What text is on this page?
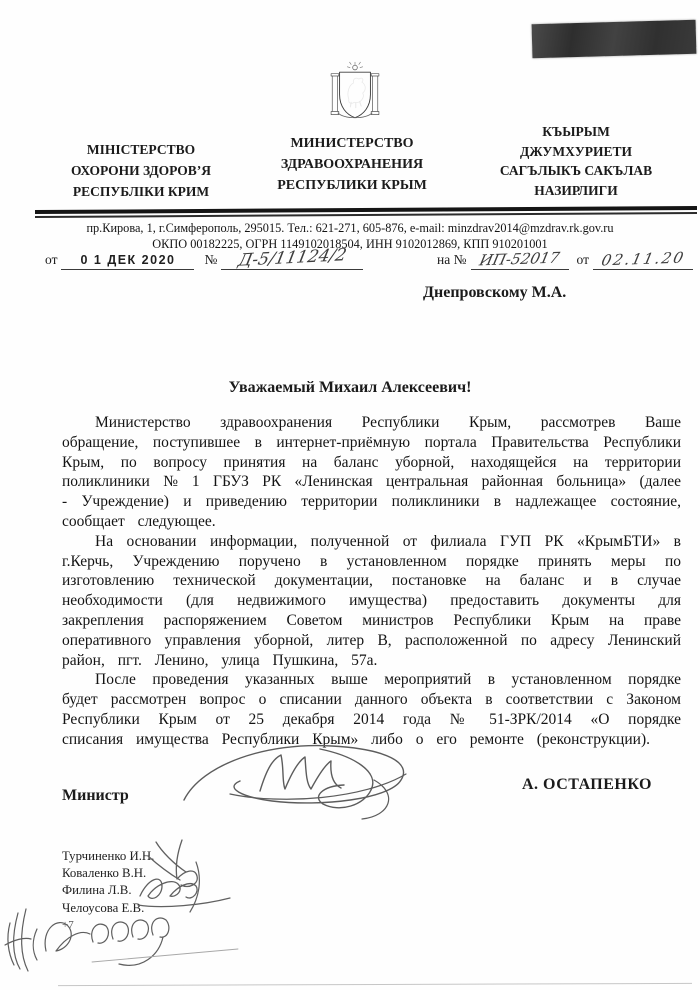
МІНІСТЕРСТВО
ОХОРОНИ ЗДОРОВ’Я
РЕСПУБЛІКИ КРИМ
МИНИСТЕРСТВО
ЗДРАВООХРАНЕНИЯ
РЕСПУБЛИКИ КРЫМ
КЪЫРЫМ
ДЖУМХУРИЕТИ
САГЪЛЫКЪ САКЪЛАВ
НАЗИРЛИГИ
пр.Кирова, 1, г.Симферополь, 295015. Тел.: 621-271, 605-876, e-mail: minzdrav2014@mzdrav.rk.gov.ru
ОКПО 00182225, ОГРН 1149102018504, ИНН 9102012869, КПП 910201001
от	0 1 ДЕК 2020	№	Д-5/11124/2	на № ИП-52017	от 02.11.20
Днепровскому М.А.
Уважаемый Михаил Алексеевич!

Министерство здравоохранения Республики Крым, рассмотрев Ваше обращение, поступившее в интернет-приёмную портала Правительства Республики Крым, по вопросу принятия на баланс уборной, находящейся на территории поликлиники № 1 ГБУЗ РК «Ленинская центральная районная больница» (далее - Учреждение) и приведению территории поликлиники в надлежащее состояние, сообщает следующее.

На основании информации, полученной от филиала ГУП РК «КрымБТИ» в г.Керчь, Учреждению поручено в установленном порядке принять меры по изготовлению технической документации, постановке на баланс и в случае необходимости (для недвижимого имущества) предоставить документы для закрепления распоряжением Советом министров Республики Крым на праве оперативного управления уборной, литер В, расположенной по адресу Ленинский район, пгт. Ленино, улица Пушкина, 57а.

После проведения указанных выше мероприятий в установленном порядке будет рассмотрен вопрос о списании данного объекта в соответствии с Законом Республики Крым от 25 декабря 2014 года № 51-ЗРК/2014 «О порядке списания имущества Республики Крым» либо о его ремонте (реконструкции).

Министр
А. ОСТАПЕНКО
Турчиненко И.Н.
Коваленко В.Н.
Филина Л.В.
Челоусова Е.В.
+7
